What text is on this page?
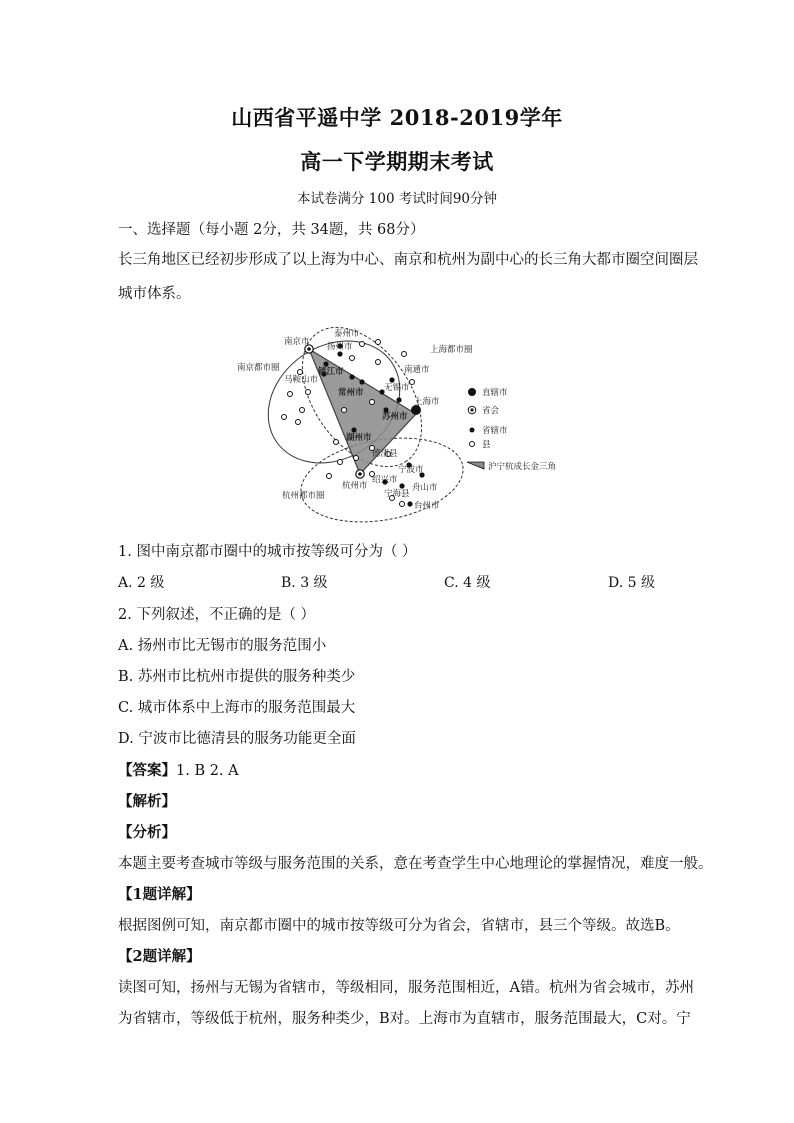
山西省平遥中学 2018-2019学年
高一下学期期末考试
本试卷满分 100 考试时间90分钟
一、选择题（每小题 2分，共 34题，共 68分）
长三角地区已经初步形成了以上海为中心、南京和杭州为副中心的长三角大都市圈空间圈层
城市体系。
南京市
泰州市
扬州市	上海都市圈
南京都市圈
马鞍山市
镇江市	南通市
常州市 无锡市
苏州市
上海市
湖州市
德清县
宁波市
绍兴市
舟山市
杭州市
宁海县
杭州都市圈
台州市
直辖市
省会
省辖市
县
沪宁杭成长金三角
1. 图中南京都市圈中的城市按等级可分为（ ）
A. 2 级	B. 3 级	C. 4 级	D. 5 级
2. 下列叙述，不正确的是（ ）
A. 扬州市比无锡市的服务范围小
B. 苏州市比杭州市提供的服务种类少
C. 城市体系中上海市的服务范围最大
D. 宁波市比德清县的服务功能更全面
【答案】1. B 2. A
【解析】
【分析】
本题主要考查城市等级与服务范围的关系，意在考查学生中心地理论的掌握情况，难度一般。
【1题详解】
根据图例可知，南京都市圈中的城市按等级可分为省会，省辖市，县三个等级。故选B。
【2题详解】
读图可知，扬州与无锡为省辖市，等级相同，服务范围相近，A错。杭州为省会城市，苏州
为省辖市，等级低于杭州，服务种类少，B对。上海市为直辖市，服务范围最大，C对。宁
